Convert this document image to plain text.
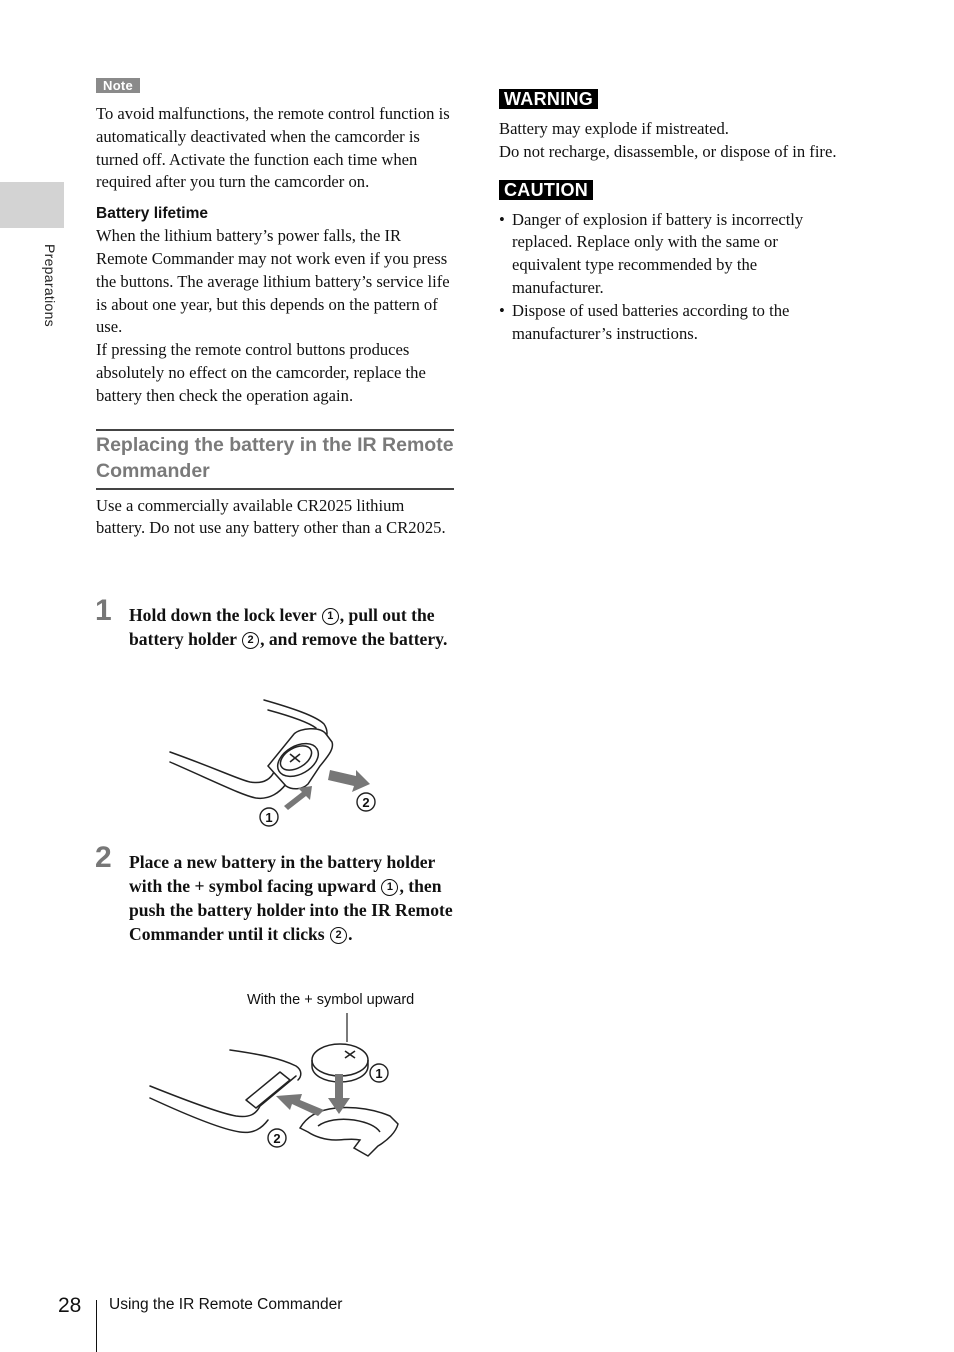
Preparations
Note

To avoid malfunctions, the remote control function is automatically deactivated when the camcorder is turned off. Activate the function each time when required after you turn the camcorder on.

Battery lifetime

When the lithium battery’s power falls, the IR Remote Commander may not work even if you press the buttons. The average lithium battery’s service life is about one year, but this depends on the pattern of use.

If pressing the remote control buttons produces absolutely no effect on the camcorder, replace the battery then check the operation again.

Replacing the battery in the IR Remote Commander

Use a commercially available CR2025 lithium battery. Do not use any battery other than a CR2025.

1 Hold down the lock lever 1 , pull out the battery holder 2 , and remove the battery.
1
2
2 Place a new battery in the battery holder with the + symbol facing upward 1 , then push the battery holder into the IR Remote Commander until it clicks 2 .
With the + symbol upward
1
2
WARNING

Battery may explode if mistreated.

Do not recharge, disassemble, or dispose of in fire.

CAUTION
• Danger of explosion if battery is incorrectly replaced. Replace only with the same or equivalent type recommended by the manufacturer.
• Dispose of used batteries according to the manufacturer’s instructions.
28 Using the IR Remote Commander
